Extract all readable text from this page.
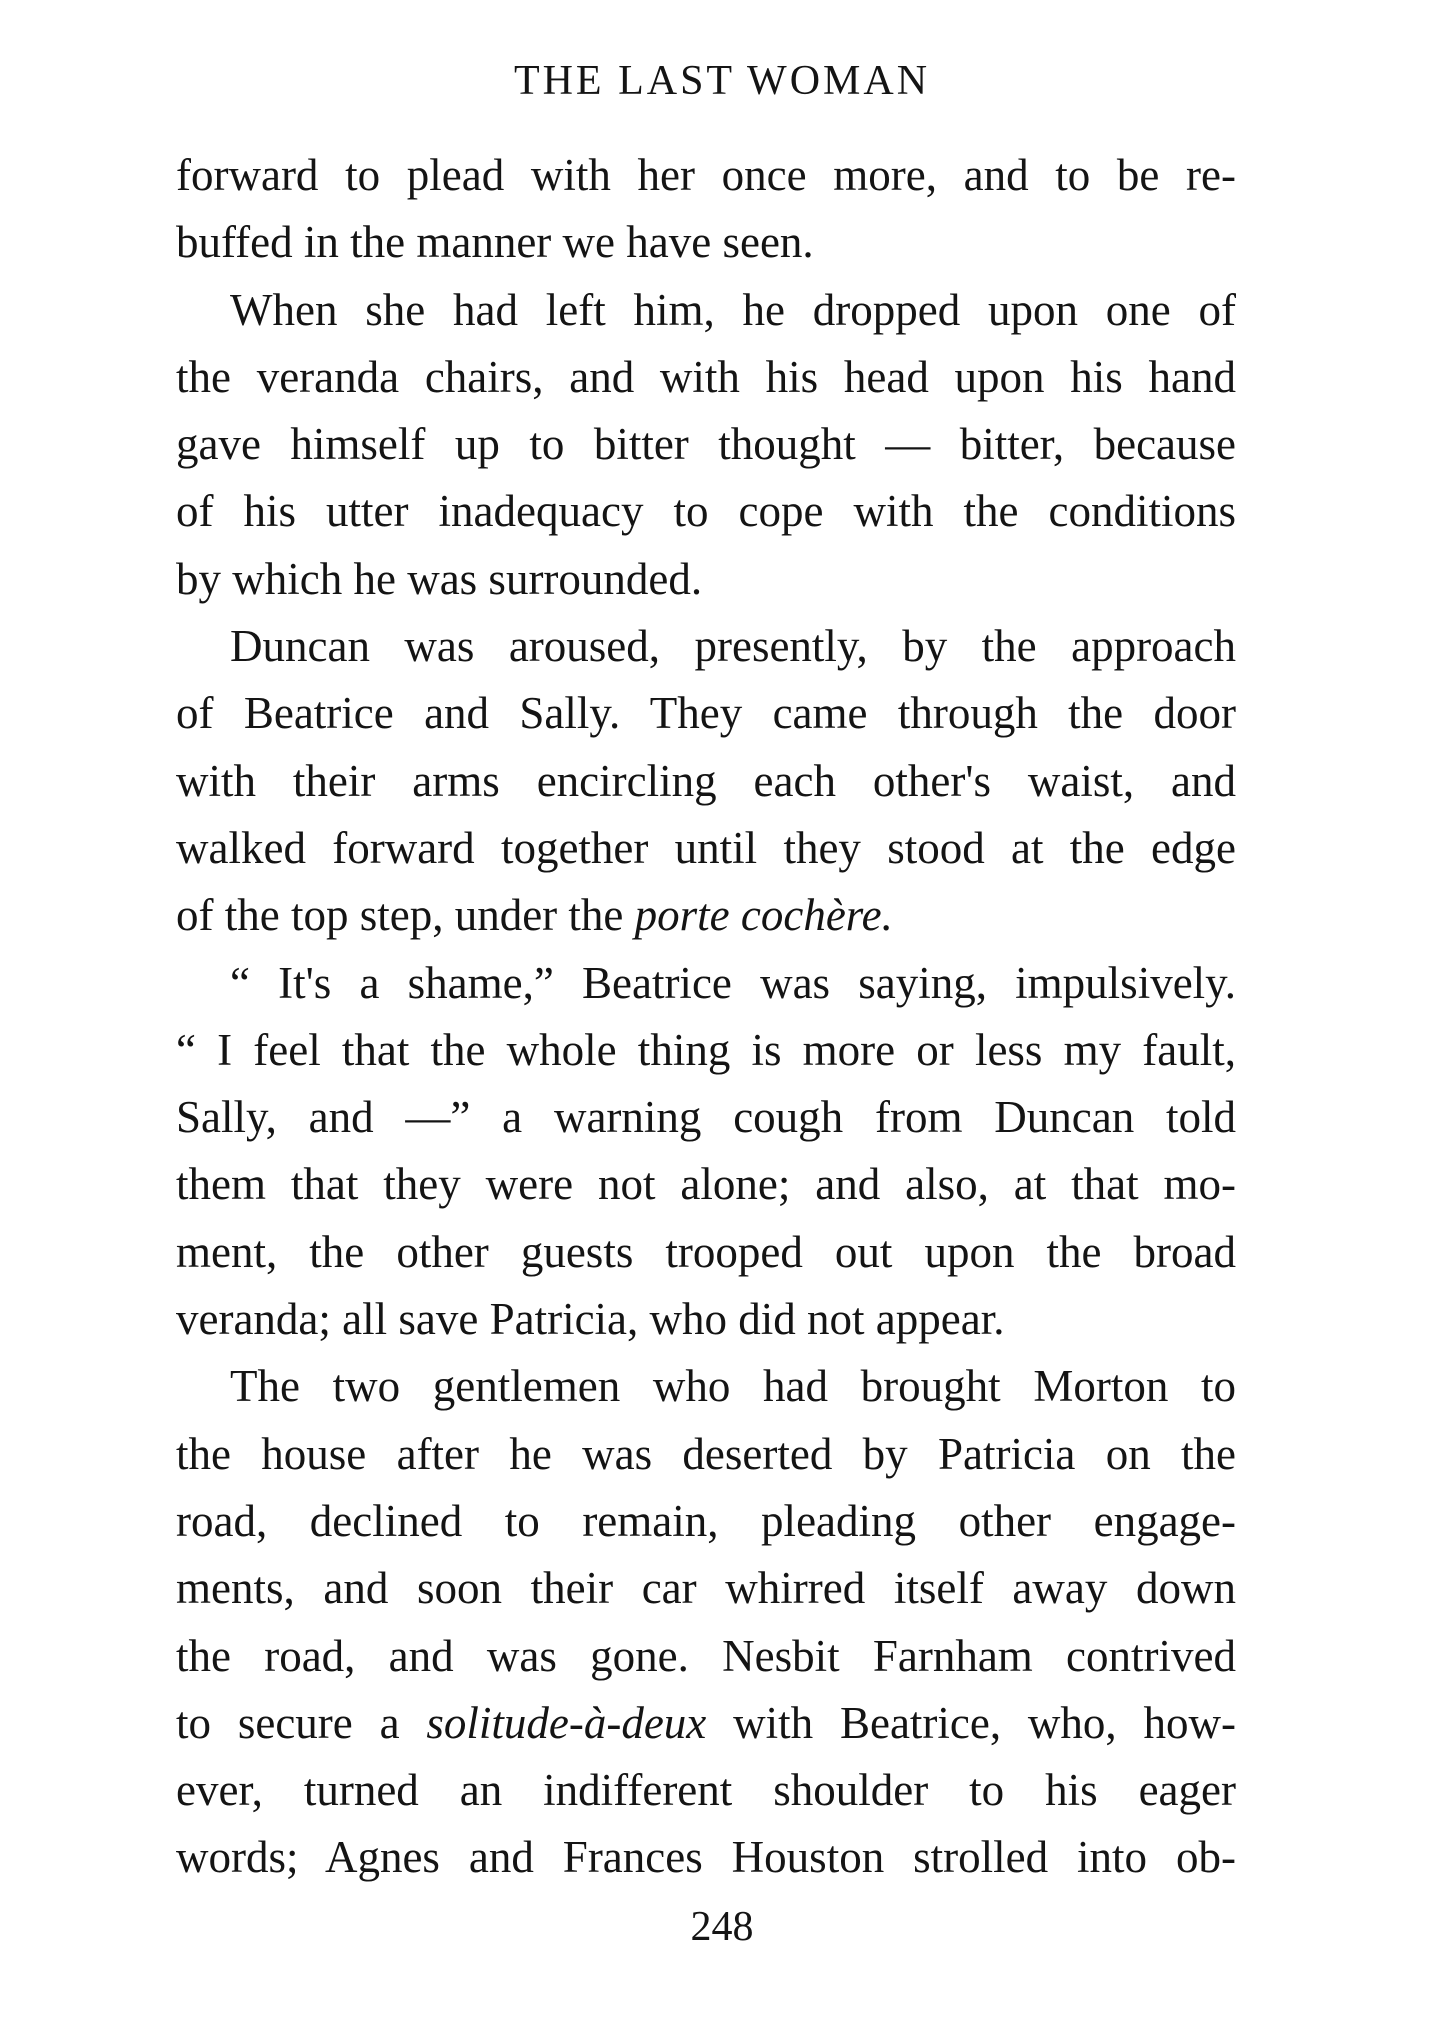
THE LAST WOMAN
forward to plead with her once more, and to be re-
buffed in the manner we have seen.
When she had left him, he dropped upon one of
the veranda chairs, and with his head upon his hand
gave himself up to bitter thought — bitter, because
of his utter inadequacy to cope with the conditions
by which he was surrounded.
Duncan was aroused, presently, by the approach
of Beatrice and Sally. They came through the door
with their arms encircling each other's waist, and
walked forward together until they stood at the edge
of the top step, under the porte cochère.
“ It's a shame,” Beatrice was saying, impulsively.
“ I feel that the whole thing is more or less my fault,
Sally, and —” a warning cough from Duncan told
them that they were not alone; and also, at that mo-
ment, the other guests trooped out upon the broad
veranda; all save Patricia, who did not appear.
The two gentlemen who had brought Morton to
the house after he was deserted by Patricia on the
road, declined to remain, pleading other engage-
ments, and soon their car whirred itself away down
the road, and was gone. Nesbit Farnham contrived
to secure a solitude-à-deux with Beatrice, who, how-
ever, turned an indifferent shoulder to his eager
words; Agnes and Frances Houston strolled into ob-
248
